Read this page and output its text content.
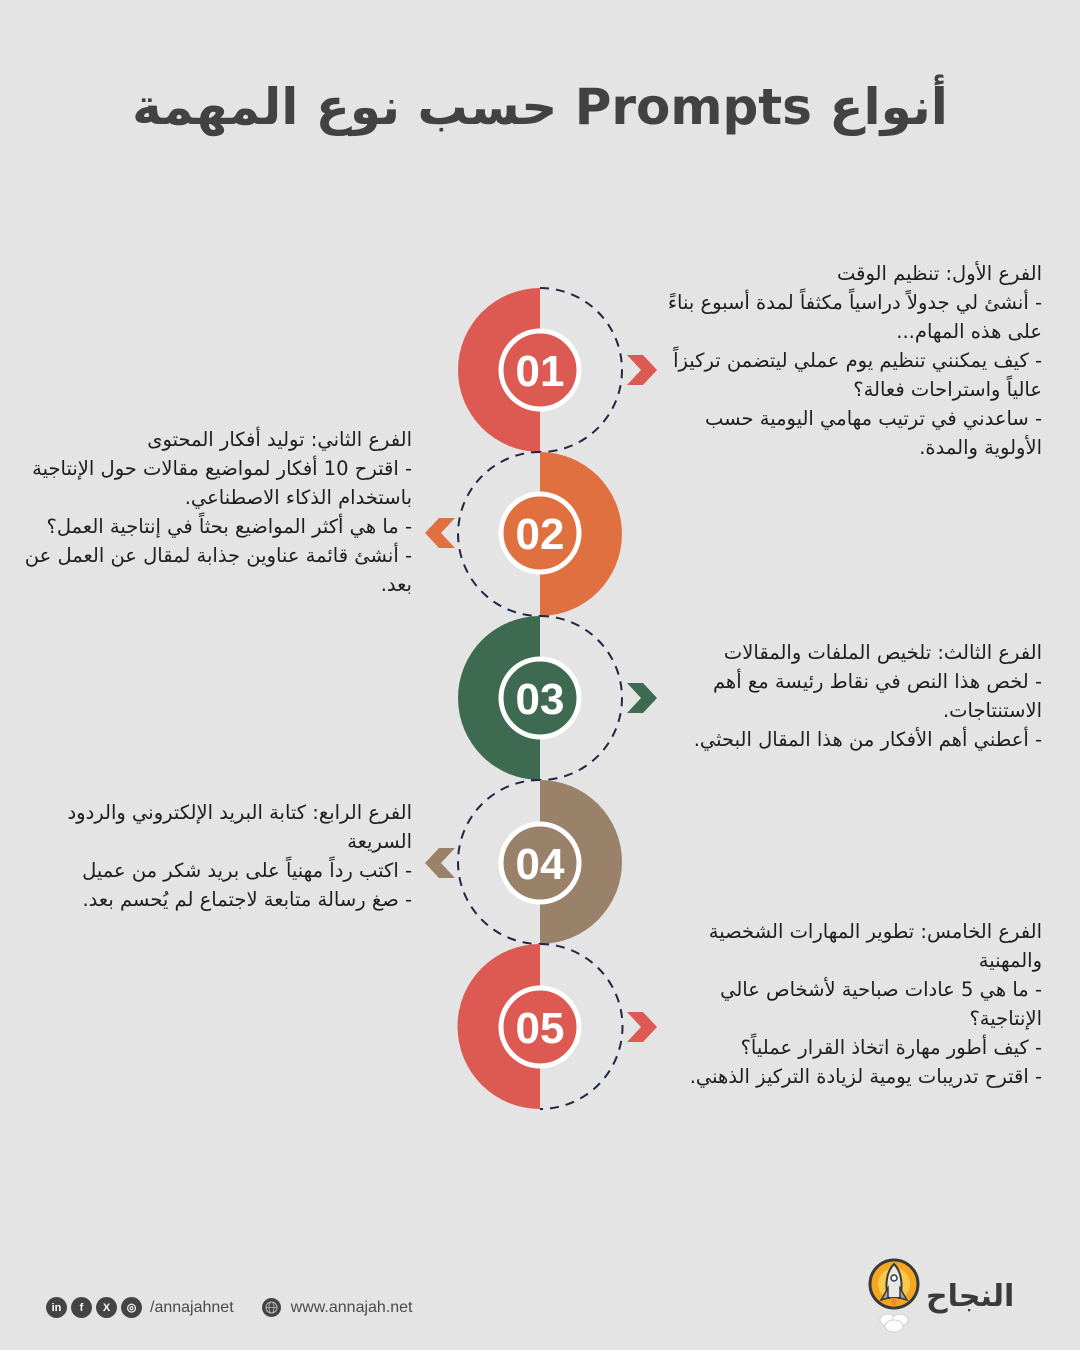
أنواع Prompts حسب نوع المهمة
01
02
03
04
05
الفرع الأول: تنظيم الوقت
- أنشئ لي جدولاً دراسياً مكثفاً لمدة أسبوع بناءً على هذه المهام...
- كيف يمكنني تنظيم يوم عملي ليتضمن تركيزاً عالياً واستراحات فعالة؟
- ساعدني في ترتيب مهامي اليومية حسب الأولوية والمدة.
الفرع الثاني: توليد أفكار المحتوى
- اقترح 10 أفكار لمواضيع مقالات حول الإنتاجية باستخدام الذكاء الاصطناعي.
- ما هي أكثر المواضيع بحثاً في إنتاجية العمل؟
- أنشئ قائمة عناوين جذابة لمقال عن العمل عن بعد.
الفرع الثالث: تلخيص الملفات والمقالات
- لخص هذا النص في نقاط رئيسة مع أهم الاستنتاجات.
- أعطني أهم الأفكار من هذا المقال البحثي.
الفرع الرابع: كتابة البريد الإلكتروني والردود السريعة
- اكتب رداً مهنياً على بريد شكر من عميل
- صغ رسالة متابعة لاجتماع لم يُحسم بعد.
الفرع الخامس: تطوير المهارات الشخصية والمهنية
- ما هي 5 عادات صباحية لأشخاص عالي الإنتاجية؟
- كيف أطور مهارة اتخاذ القرار عملياً؟
- اقترح تدريبات يومية لزيادة التركيز الذهني.
in	f	X	◎ /annajahnet	www.annajah.net	النجاح
